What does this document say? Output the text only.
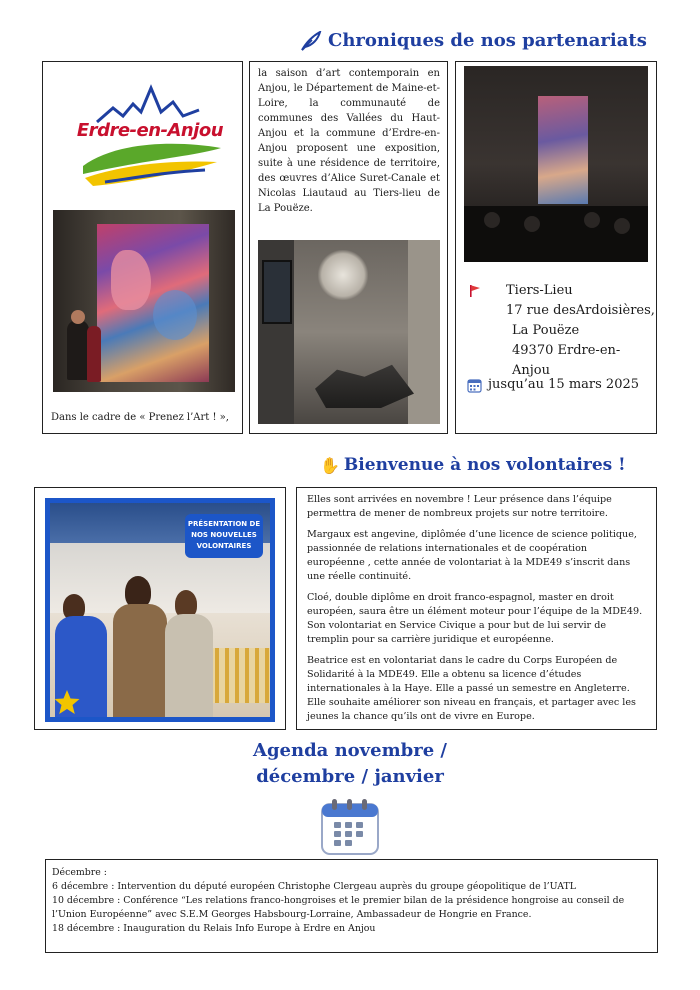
Chroniques de nos partenariats
Erdre-en-Anjou
Dans le cadre de « Prenez l’Art ! »,
la saison d’art contemporain en Anjou, le Département de Maine-et-Loire, la communauté de communes des Vallées du Haut-Anjou et la commune d’Erdre-en-Anjou proposent une exposition, suite à une résidence de territoire, des œuvres d’Alice Suret-Canale et Nicolas Liautaud au Tiers-lieu de La Pouëze.
Tiers-Lieu
17 rue desArdoisières,
La Pouëze
49370 Erdre-en-Anjou
jusqu’au 15 mars 2025
✋ Bienvenue à nos volontaires !
PRÉSENTATION DE NOS NOUVELLES VOLONTAIRES

Elles sont arrivées en novembre ! Leur présence dans l’équipe permettra de mener de nombreux projets sur notre territoire.

Margaux est angevine, diplômée d’une licence de science politique, passionnée de relations internationales et de coopération européenne , cette année de volontariat à la MDE49 s’inscrit dans une réelle continuité.

Cloé, double diplôme en droit franco-espagnol, master en droit européen, saura être un élément moteur pour l’équipe de la MDE49. Son volontariat en Service Civique a pour but de lui servir de tremplin pour sa carrière juridique et européenne.

Beatrice est en volontariat dans le cadre du Corps Européen de Solidarité à la MDE49. Elle a obtenu sa licence d’études internationales à la Haye. Elle a passé un semestre en Angleterre. Elle souhaite améliorer son niveau en français, et partager avec les jeunes la chance qu’ils ont de vivre en Europe.

Agenda novembre /
décembre / janvier
Décembre :
6 décembre : Intervention du député européen Christophe Clergeau auprès du groupe géopolitique de l’UATL
10 décembre : Conférence “Les relations franco-hongroises et le premier bilan de la présidence hongroise au conseil de l’Union Européenne” avec S.E.M Georges Habsbourg-Lorraine, Ambassadeur de Hongrie en France.
18 décembre : Inauguration du Relais Info Europe à Erdre en Anjou
